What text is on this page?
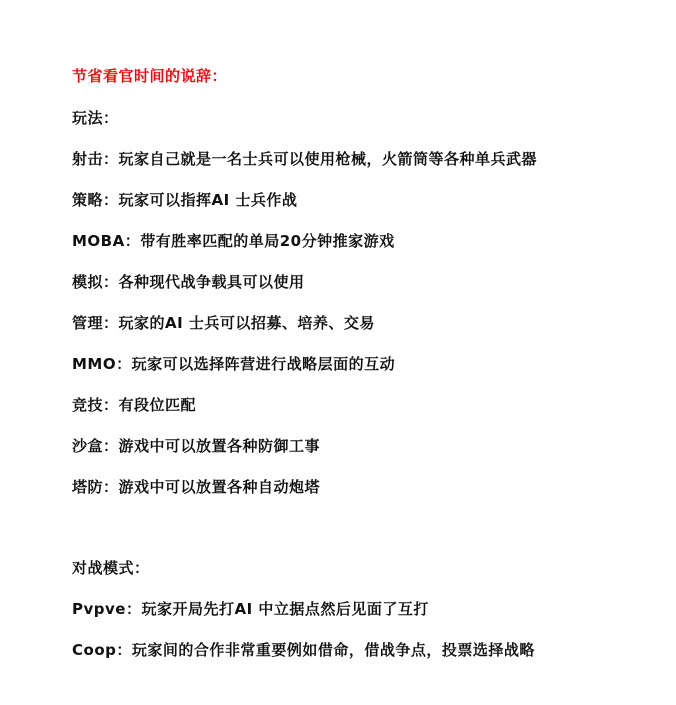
节省看官时间的说辞：
玩法：
射击：玩家自己就是一名士兵可以使用枪械，火箭筒等各种单兵武器
策略：玩家可以指挥AI 士兵作战
MOBA：带有胜率匹配的单局20分钟推家游戏
模拟：各种现代战争载具可以使用
管理：玩家的AI 士兵可以招募、培养、交易
MMO：玩家可以选择阵营进行战略层面的互动
竞技：有段位匹配
沙盒：游戏中可以放置各种防御工事
塔防：游戏中可以放置各种自动炮塔
对战模式：
Pvpve：玩家开局先打AI 中立据点然后见面了互打
Coop：玩家间的合作非常重要例如借命，借战争点，投票选择战略
